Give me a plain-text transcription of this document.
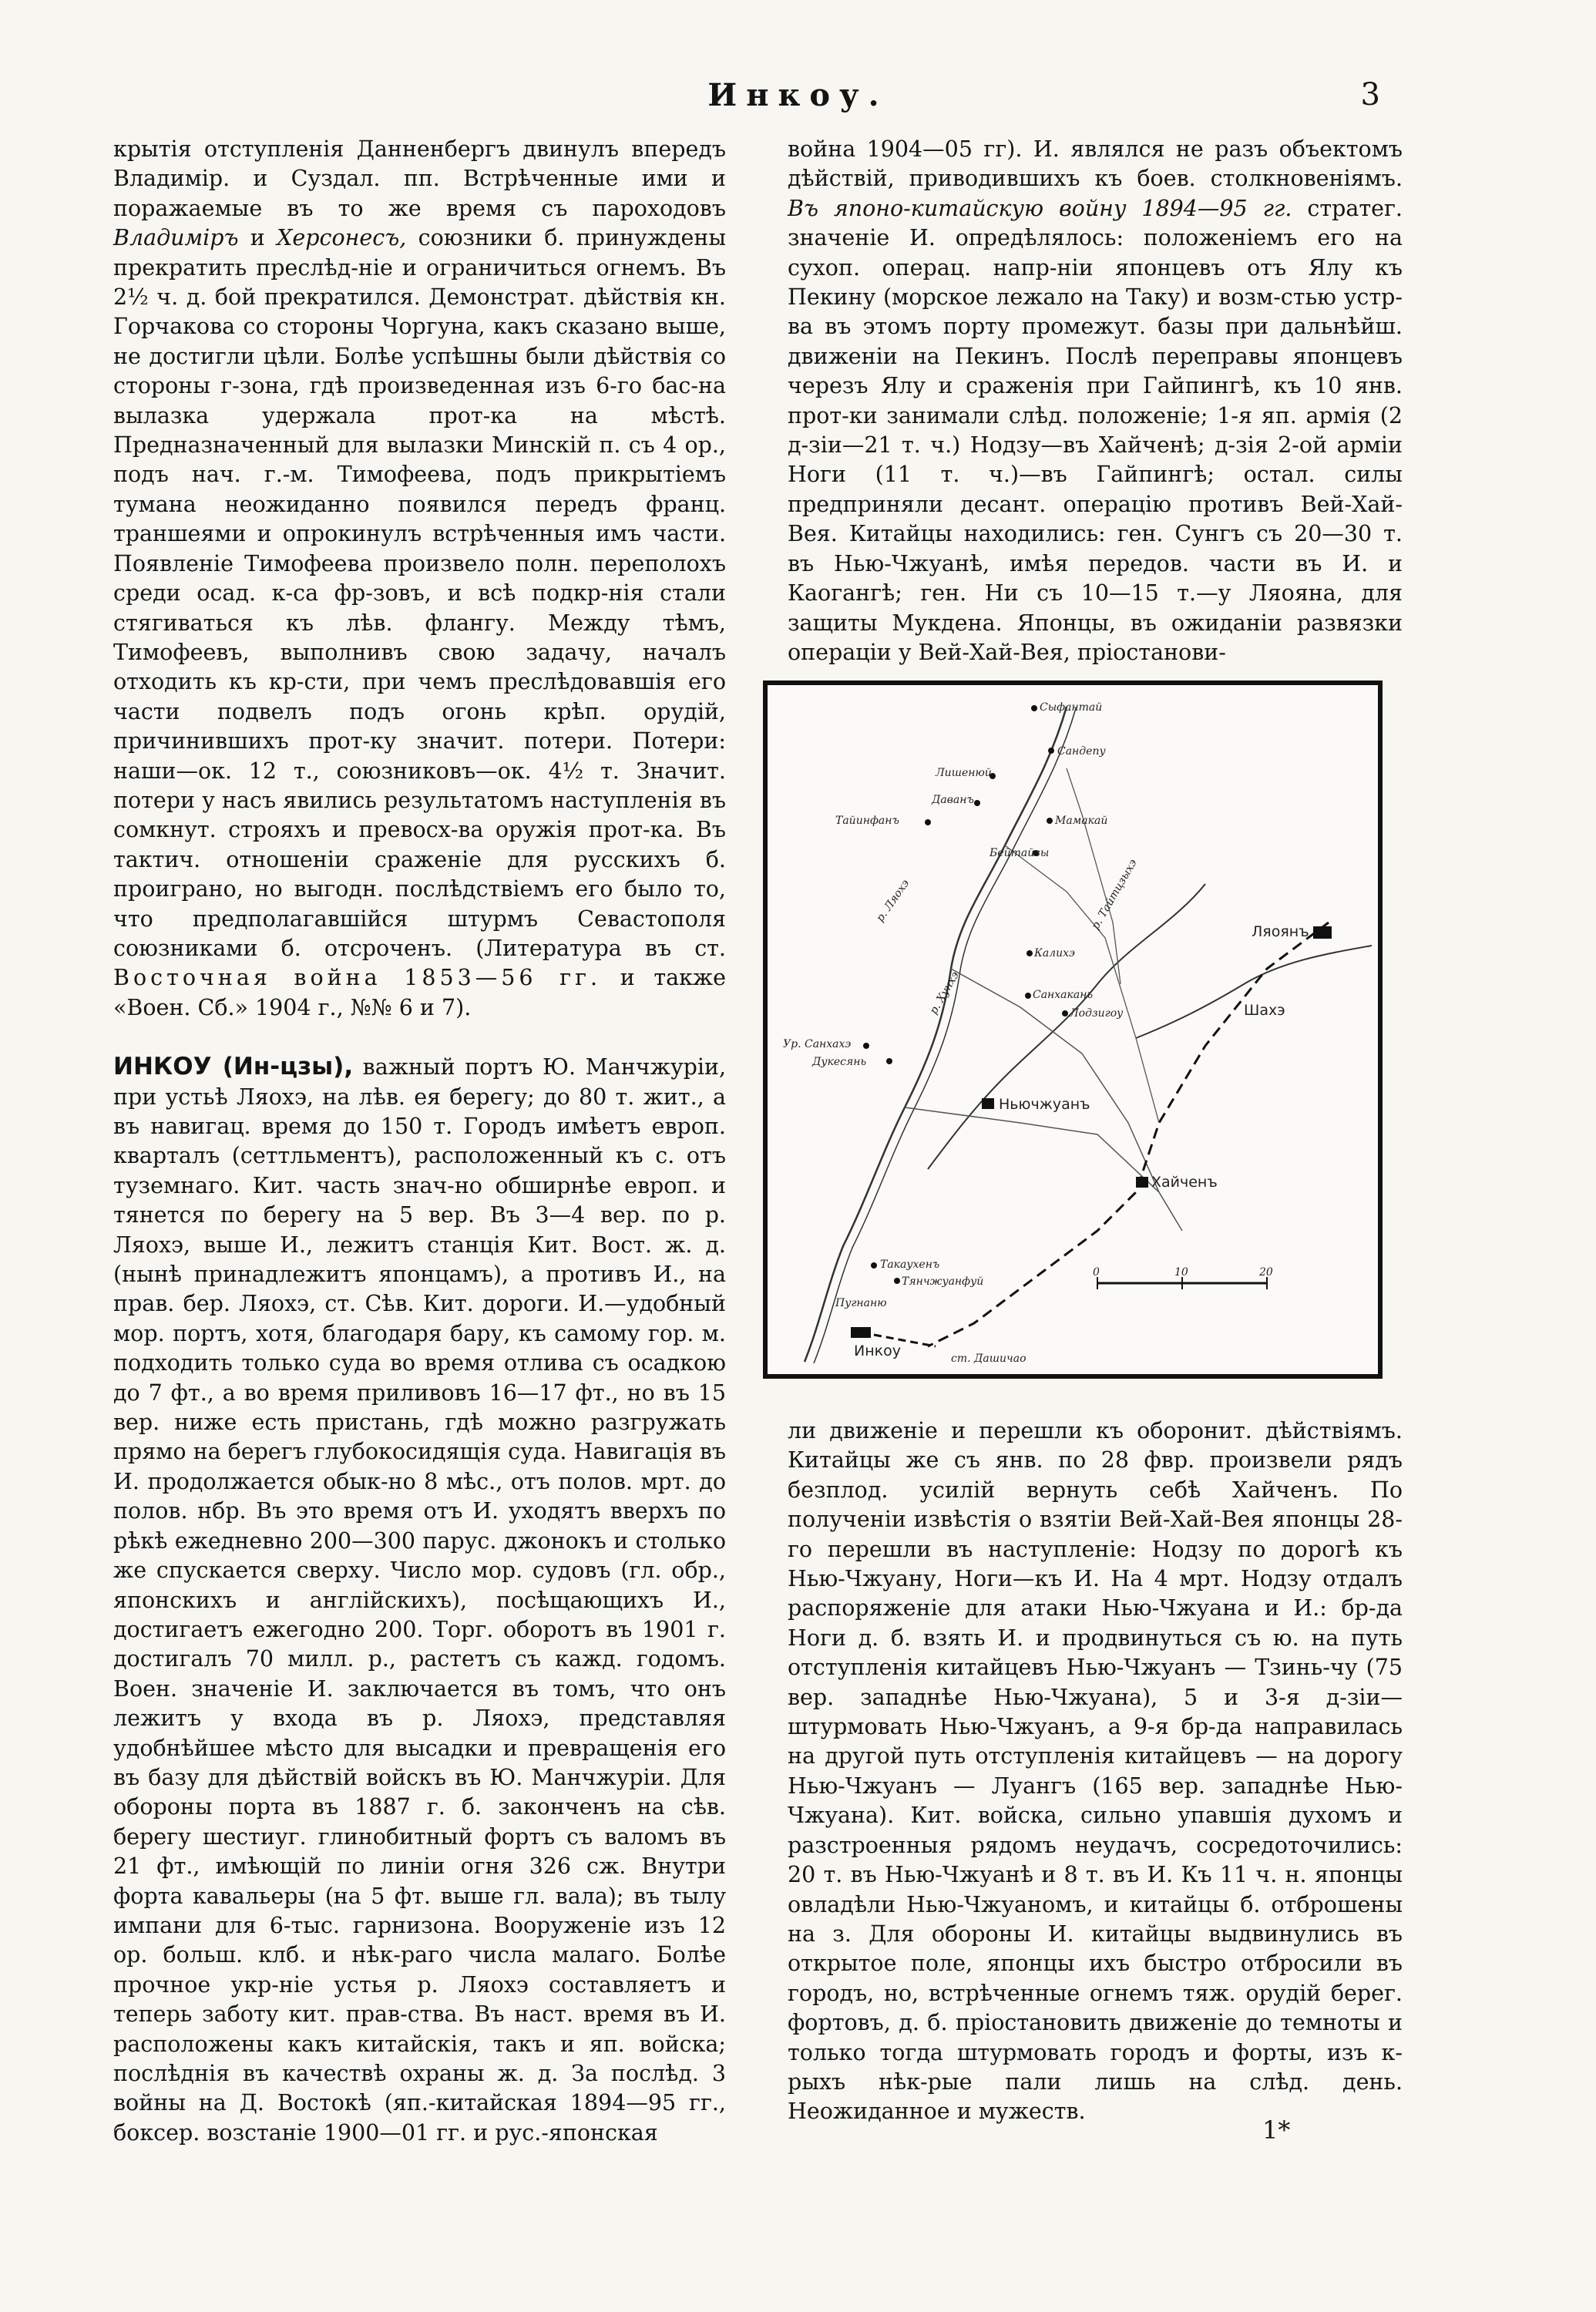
Инкоу.	3

крытія отступленія Данненбергъ двинулъ впередъ Владимір. и Суздал. пп. Встрѣченные ими и поражаемые въ то же время съ пароходовъ Владиміръ и Херсонесъ, союзники б. принуждены прекратить преслѣд-ніе и ограничиться огнемъ. Въ 2½ ч. д. бой прекратился. Демонстрат. дѣйствія кн. Горчакова со стороны Чоргуна, какъ сказано выше, не достигли цѣли. Болѣе успѣшны были дѣйствія со стороны г-зона, гдѣ произведенная изъ 6-го бас-на вылазка удержала прот-ка на мѣстѣ. Предназначенный для вылазки Минскій п. съ 4 ор., подъ нач. г.-м. Тимофеева, подъ прикрытіемъ тумана неожиданно появился передъ франц. траншеями и опрокинулъ встрѣченныя имъ части. Появленіе Тимофеева произвело полн. переполохъ среди осад. к-са фр-зовъ, и всѣ подкр-нія стали стягиваться къ лѣв. флангу. Между тѣмъ, Тимофеевъ, выполнивъ свою задачу, началъ отходить къ кр-сти, при чемъ преслѣдовавшія его части подвелъ подъ огонь крѣп. орудій, причинившихъ прот-ку значит. потери. Потери: наши—ок. 12 т., союзниковъ—ок. 4½ т. Значит. потери у насъ явились результатомъ наступленія въ сомкнут. строяхъ и превосх-ва оружія прот-ка. Въ тактич. отношеніи сраженіе для русскихъ б. проиграно, но выгодн. послѣдствіемъ его было то, что предполагавшійся штурмъ Севастополя союзниками б. отсроченъ. (Литература въ ст. Восточная война 1853—56 гг. и также «Воен. Сб.» 1904 г., №№ 6 и 7).

ИНКОУ (Ин-цзы), важный портъ Ю. Манчжуріи, при устьѣ Ляохэ, на лѣв. ея берегу; до 80 т. жит., а въ навигац. время до 150 т. Городъ имѣетъ европ. кварталъ (сеттльментъ), расположенный къ с. отъ туземнаго. Кит. часть знач-но обширнѣе европ. и тянется по берегу на 5 вер. Въ 3—4 вер. по р. Ляохэ, выше И., лежитъ станція Кит. Вост. ж. д. (нынѣ принадлежитъ японцамъ), а противъ И., на прав. бер. Ляохэ, ст. Сѣв. Кит. дороги. И.—удобный мор. портъ, хотя, благодаря бару, къ самому гор. м. подходить только суда во время отлива съ осадкою до 7 фт., а во время приливовъ 16—17 фт., но въ 15 вер. ниже есть пристань, гдѣ можно разгружать прямо на берегъ глубокосидящія суда. Навигація въ И. продолжается обык-но 8 мѣс., отъ полов. мрт. до полов. нбр. Въ это время отъ И. уходятъ вверхъ по рѣкѣ ежедневно 200—300 парус. джонокъ и столько же спускается сверху. Число мор. судовъ (гл. обр., японскихъ и англійскихъ), посѣщающихъ И., достигаетъ ежегодно 200. Торг. оборотъ въ 1901 г. достигалъ 70 милл. р., растетъ съ кажд. годомъ. Воен. значеніе И. заключается въ томъ, что онъ лежитъ у входа въ р. Ляохэ, представляя удобнѣйшее мѣсто для высадки и превращенія его въ базу для дѣйствій войскъ въ Ю. Манчжуріи. Для обороны порта въ 1887 г. б. законченъ на сѣв. берегу шестиуг. глинобитный фортъ съ валомъ въ 21 фт., имѣющій по линіи огня 326 сж. Внутри форта кавальеры (на 5 фт. выше гл. вала); въ тылу импани для 6-тыс. гарнизона. Вооруженіе изъ 12 ор. больш. клб. и нѣк-раго числа малаго. Болѣе прочное укр-ніе устья р. Ляохэ составляетъ и теперь заботу кит. прав-ства. Въ наст. время въ И. расположены какъ китайскія, такъ и яп. войска; послѣднія въ качествѣ охраны ж. д. За послѣд. 3 войны на Д. Востокѣ (яп.-китайская 1894—95 гг., боксер. возстаніе 1900—01 гг. и рус.-японская

война 1904—05 гг). И. являлся не разъ объектомъ дѣйствій, приводившихъ къ боев. столкновеніямъ. Въ японо-китайскую войну 1894—95 гг. стратег. значеніе И. опредѣлялось: положеніемъ его на сухоп. операц. напр-ніи японцевъ отъ Ялу къ Пекину (морское лежало на Таку) и возм-стью устр-ва въ этомъ порту промежут. базы при дальнѣйш. движеніи на Пекинъ. Послѣ переправы японцевъ черезъ Ялу и сраженія при Гайпингѣ, къ 10 янв. прот-ки занимали слѣд. положеніе; 1-я яп. армія (2 д-зіи—21 т. ч.) Нодзу—въ Хайченѣ; д-зія 2-ой арміи Ноги (11 т. ч.)—въ Гайпингѣ; остал. силы предприняли десант. операцію противъ Вей-Хай-Вея. Китайцы находились: ген. Сунгъ съ 20—30 т. въ Нью-Чжуанѣ, имѣя передов. части въ И. и Каогангѣ; ген. Ни съ 10—15 т.—у Ляояна, для защиты Мукдена. Японцы, въ ожиданіи развязки операціи у Вей-Хай-Вея, пріостанови-

Сыфантай
Сандепу
Лишенюй
Даванъ
Тайинфанъ	Мамакай
Бейтайзы
Ляоянъ
р. Ляохэ	р. Тайтцзыхэ
Калихэ
Санхакань
Лодзигоу	Шахэ
р. Хунхэ
Ур. Санхахэ
Дукесянь
Ньючжуанъ
Хайченъ
Такаухенъ
Тянчжуанфуй
Пугнаню
Инкоу	ст. Дашичао
0	10	20

ли движеніе и перешли къ оборонит. дѣйствіямъ. Китайцы же съ янв. по 28 фвр. произвели рядъ безплод. усилій вернуть себѣ Хайченъ. По полученіи извѣстія о взятіи Вей-Хай-Вея японцы 28-го перешли въ наступленіе: Нодзу по дорогѣ къ Нью-Чжуану, Ноги—къ И. На 4 мрт. Нодзу отдалъ распоряженіе для атаки Нью-Чжуана и И.: бр-да Ноги д. б. взять И. и продвинуться съ ю. на путь отступленія китайцевъ Нью-Чжуанъ — Тзинь-чу (75 вер. западнѣе Нью-Чжуана), 5 и 3-я д-зіи—штурмовать Нью-Чжуанъ, а 9-я бр-да направилась на другой путь отступленія китайцевъ — на дорогу Нью-Чжуанъ — Луангъ (165 вер. западнѣе Нью-Чжуана). Кит. войска, сильно упавшія духомъ и разстроенныя рядомъ неудачъ, сосредоточились: 20 т. въ Нью-Чжуанѣ и 8 т. въ И. Къ 11 ч. н. японцы овладѣли Нью-Чжуаномъ, и китайцы б. отброшены на з. Для обороны И. китайцы выдвинулись въ открытое поле, японцы ихъ быстро отбросили въ городъ, но, встрѣченные огнемъ тяж. орудій берег. фортовъ, д. б. пріостановить движеніе до темноты и только тогда штурмовать городъ и форты, изъ к-рыхъ нѣк-рые пали лишь на слѣд. день. Неожиданное и мужеств.

1*
